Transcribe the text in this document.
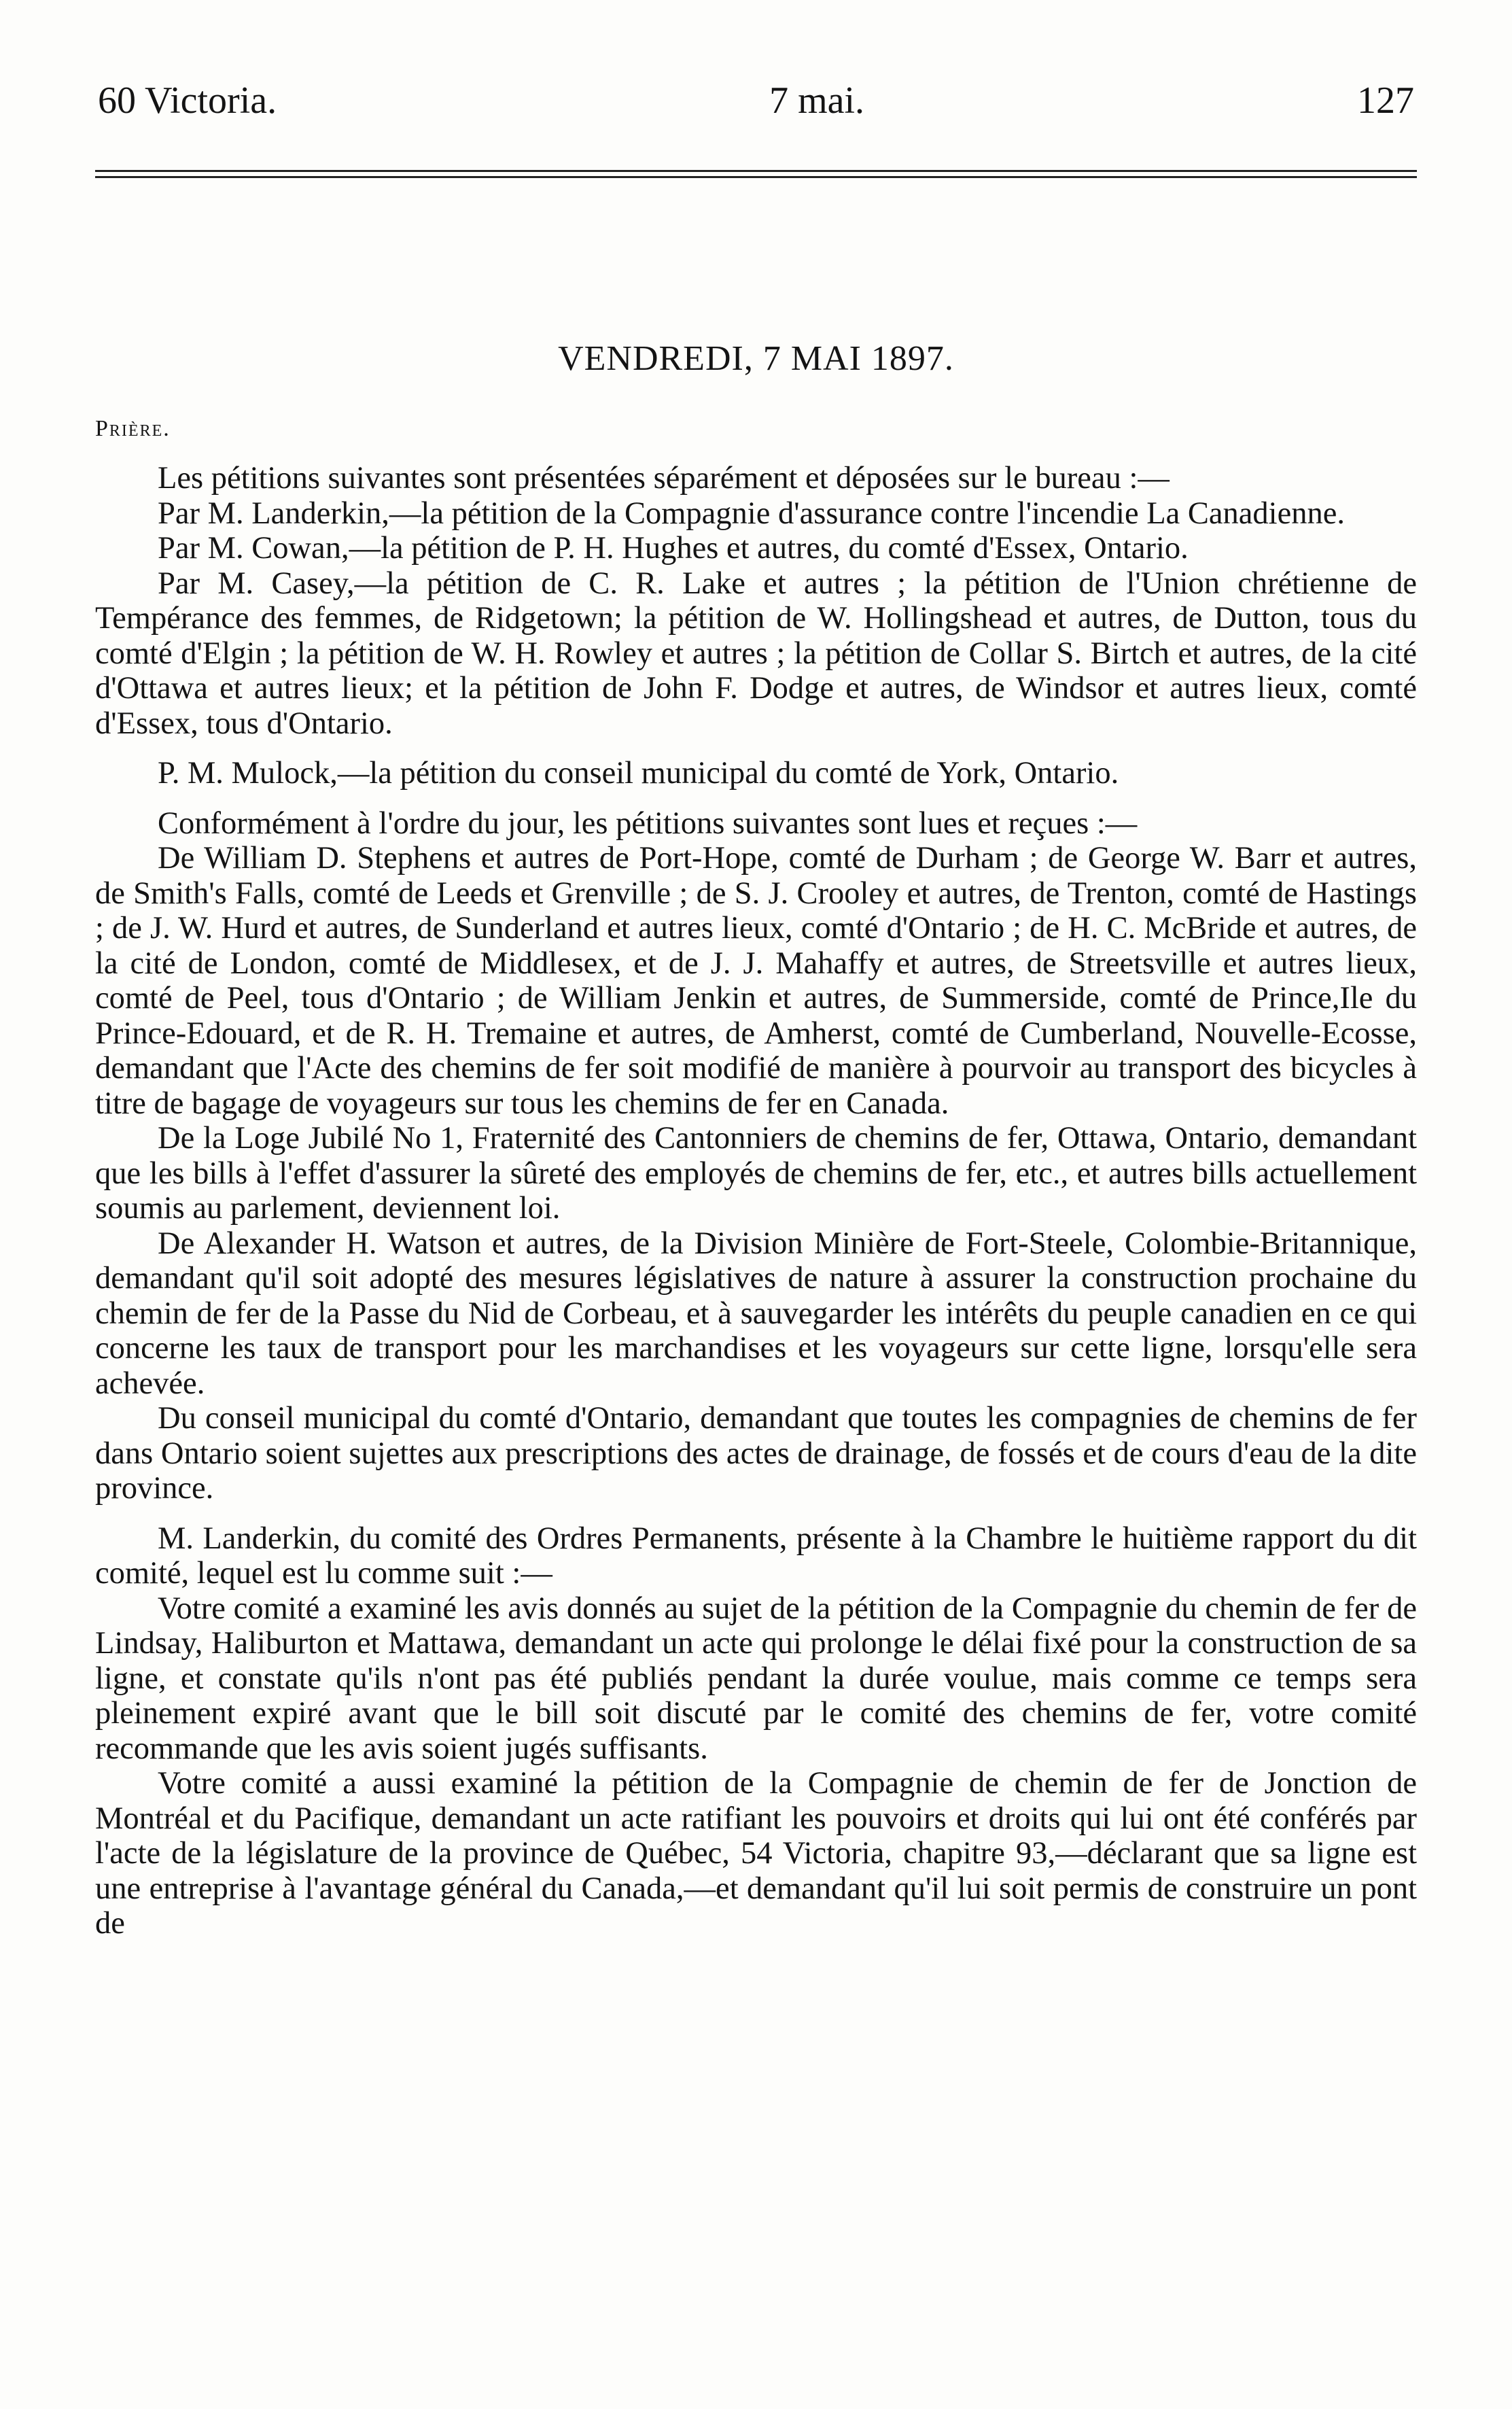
60 Victoria.	7 mai.	127
VENDREDI, 7 MAI 1897.
Prière.

Les pétitions suivantes sont présentées séparément et déposées sur le bureau :—

Par M. Landerkin,—la pétition de la Compagnie d'assurance contre l'incendie La Canadienne.

Par M. Cowan,—la pétition de P. H. Hughes et autres, du comté d'Essex, Ontario.

Par M. Casey,—la pétition de C. R. Lake et autres ; la pétition de l'Union chrétienne de Tempérance des femmes, de Ridgetown; la pétition de W. Hollingshead et autres, de Dutton, tous du comté d'Elgin ; la pétition de W. H. Rowley et autres ; la pétition de Collar S. Birtch et autres, de la cité d'Ottawa et autres lieux; et la pétition de John F. Dodge et autres, de Windsor et autres lieux, comté d'Essex, tous d'Ontario.

P. M. Mulock,—la pétition du conseil municipal du comté de York, Ontario.

Conformément à l'ordre du jour, les pétitions suivantes sont lues et reçues :—

De William D. Stephens et autres de Port-Hope, comté de Durham ; de George W. Barr et autres, de Smith's Falls, comté de Leeds et Grenville ; de S. J. Crooley et autres, de Trenton, comté de Hastings ; de J. W. Hurd et autres, de Sunderland et autres lieux, comté d'Ontario ; de H. C. McBride et autres, de la cité de London, comté de Middlesex, et de J. J. Mahaffy et autres, de Streetsville et autres lieux, comté de Peel, tous d'Ontario ; de William Jenkin et autres, de Summerside, comté de Prince,Ile du Prince-Edouard, et de R. H. Tremaine et autres, de Amherst, comté de Cumberland, Nouvelle-Ecosse, demandant que l'Acte des chemins de fer soit modifié de manière à pourvoir au transport des bicycles à titre de bagage de voyageurs sur tous les chemins de fer en Canada.

De la Loge Jubilé No 1, Fraternité des Cantonniers de chemins de fer, Ottawa, Ontario, demandant que les bills à l'effet d'assurer la sûreté des employés de chemins de fer, etc., et autres bills actuellement soumis au parlement, deviennent loi.

De Alexander H. Watson et autres, de la Division Minière de Fort-Steele, Colombie-Britannique, demandant qu'il soit adopté des mesures législatives de nature à assurer la construction prochaine du chemin de fer de la Passe du Nid de Corbeau, et à sauvegarder les intérêts du peuple canadien en ce qui concerne les taux de transport pour les marchandises et les voyageurs sur cette ligne, lorsqu'elle sera achevée.

Du conseil municipal du comté d'Ontario, demandant que toutes les compagnies de chemins de fer dans Ontario soient sujettes aux prescriptions des actes de drainage, de fossés et de cours d'eau de la dite province.

M. Landerkin, du comité des Ordres Permanents, présente à la Chambre le huitième rapport du dit comité, lequel est lu comme suit :—

Votre comité a examiné les avis donnés au sujet de la pétition de la Compagnie du chemin de fer de Lindsay, Haliburton et Mattawa, demandant un acte qui prolonge le délai fixé pour la construction de sa ligne, et constate qu'ils n'ont pas été publiés pendant la durée voulue, mais comme ce temps sera pleinement expiré avant que le bill soit discuté par le comité des chemins de fer, votre comité recommande que les avis soient jugés suffisants.

Votre comité a aussi examiné la pétition de la Compagnie de chemin de fer de Jonction de Montréal et du Pacifique, demandant un acte ratifiant les pouvoirs et droits qui lui ont été conférés par l'acte de la législature de la province de Québec, 54 Victoria, chapitre 93,—déclarant que sa ligne est une entreprise à l'avantage général du Canada,—et demandant qu'il lui soit permis de construire un pont de
